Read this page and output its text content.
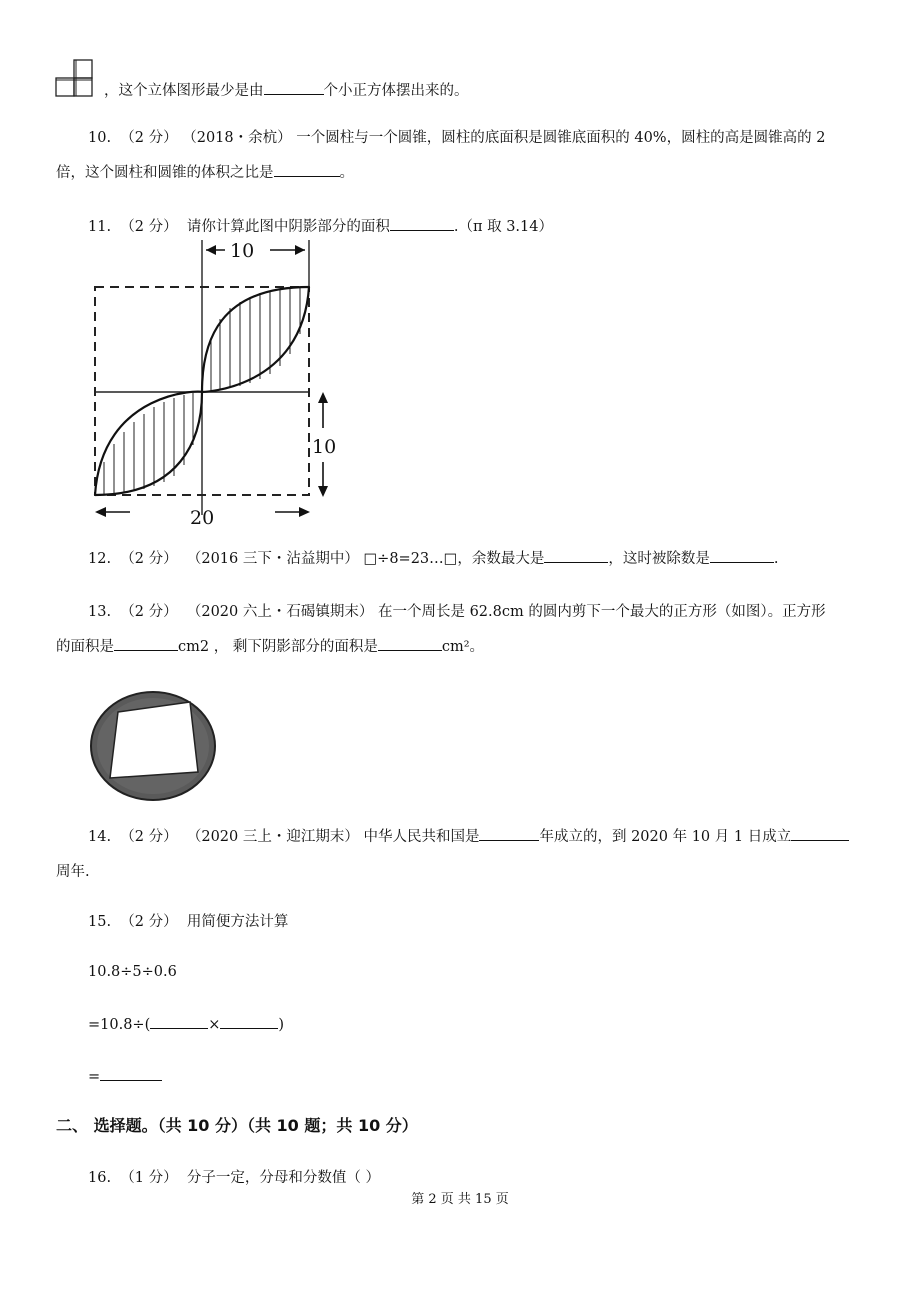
，这个立体图形最少是由	个小正方体摆出来的。
10. （2 分） （2018・余杭） 一个圆柱与一个圆锥，圆柱的底面积是圆锥底面积的 40%，圆柱的高是圆锥高的 2
倍，这个圆柱和圆锥的体积之比是	。
11. （2 分） 请你计算此图中阴影部分的面积	.（π 取 3.14）
10
10
20
12. （2 分） （2016 三下・沾益期中） □÷8=23…□，余数最大是	，这时被除数是	.
13. （2 分） （2020 六上・石碣镇期末） 在一个周长是 62.8cm 的圆内剪下一个最大的正方形（如图）。正方形
的面积是	cm2 ， 剩下阴影部分的面积是	cm²。
14. （2 分） （2020 三上・迎江期末） 中华人民共和国是	年成立的，到 2020 年 10 月 1 日成立
周年.
15. （2 分） 用简便方法计算
10.8÷5÷0.6
=10.8÷(	×	)
=
二、 选择题。（共 10 分）（共 10 题；共 10 分）
16. （1 分） 分子一定，分母和分数值（ ）
第 2 页 共 15 页
